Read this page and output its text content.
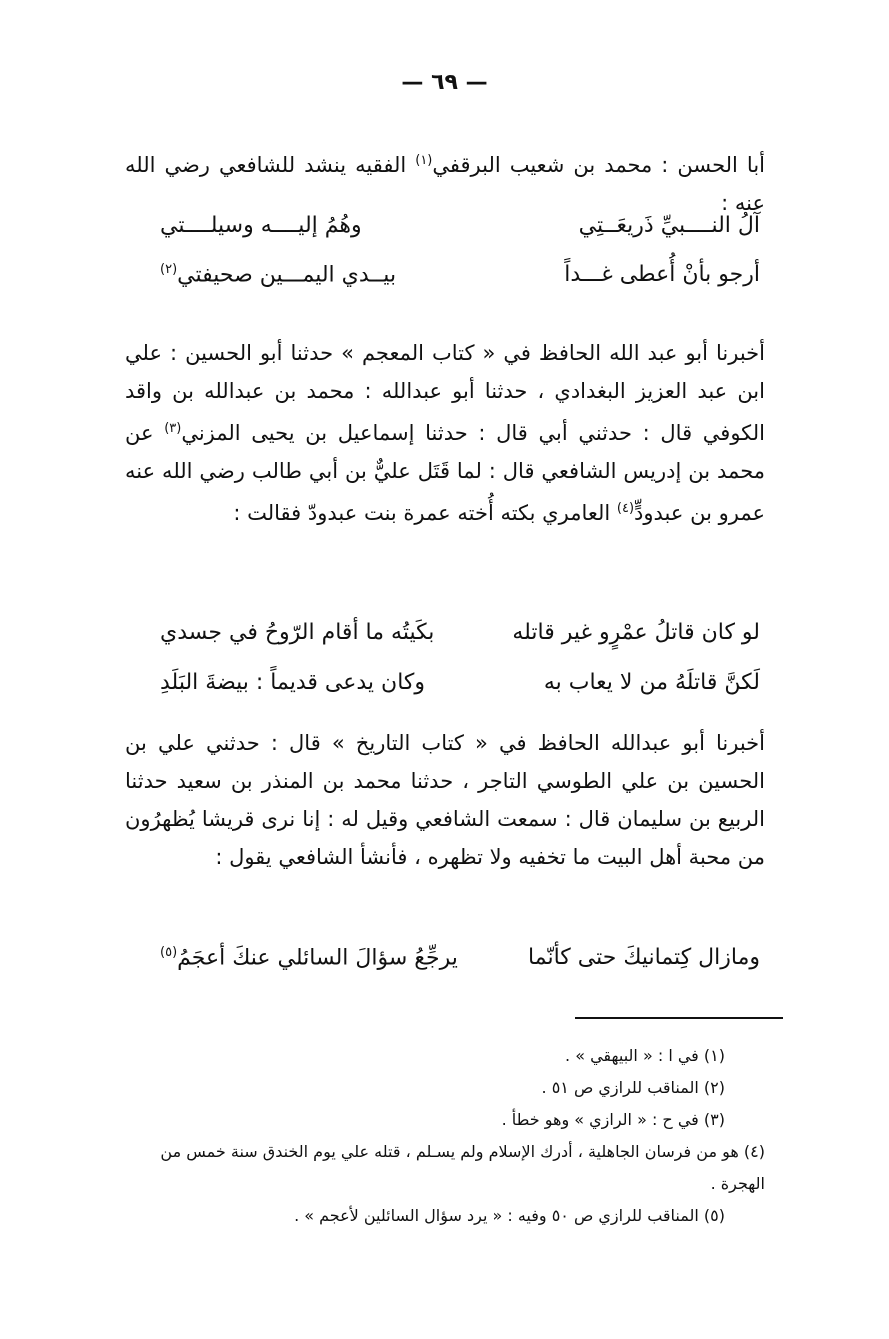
— ٦٩ —

أبا الحسن : محمد بن شعيب البرقفي$^{(١)}$ الفقيه ينشد للشافعي رضي الله عنه :

آلُ النــــبيِّ ذَريعَــتِي
وهُمُ إليــــه وسيلــــتي
أرجو بأنْ أُعطى غـــداً
بيــدي اليمـــين صحيفتي$^{(٢)}$

أخبرنا أبو عبد الله الحافظ في « كتاب المعجم » حدثنا أبو الحسين : علي ابن عبد العزيز البغدادي ، حدثنا أبو عبدالله : محمد بن عبدالله بن واقد الكوفي قال : حدثني أبي قال : حدثنا إسماعيل بن يحيى المزني$^{(٣)}$ عن محمد بن إدريس الشافعي قال : لما قَتَل عليٌّ بن أبي طالب رضي الله عنه عمرو بن عبدودٍّ$^{(٤)}$ العامري بكته أُخته عمرة بنت عبدودّ فقالت :

لو كان قاتلُ عمْرٍو غير قاتله
بكَيتُه ما أقام الرّوحُ في جسدي
لَكنَّ قاتلَهُ من لا يعاب به
وكان يدعى قديماً : بيضةَ البَلَدِ

أخبرنا أبو عبدالله الحافظ في « كتاب التاريخ » قال : حدثني علي بن الحسين بن علي الطوسي التاجر ، حدثنا محمد بن المنذر بن سعيد حدثنا الربيع بن سليمان قال : سمعت الشافعي وقيل له : إنا نرى قريشا يُظهرُون من محبة أهل البيت ما تخفيه ولا تظهره ، فأنشأ الشافعي يقول :

ومازال كِتمانيكَ حتى كأنّما
يرجِّعُ سؤالَ السائلي عنكَ أعجَمُ$^{(٥)}$
(١) في ا : « البيهقي » .
(٢) المناقب للرازي ص ٥١ .
(٣) في ح : « الرازي » وهو خطأ .
(٤) هو من فرسان الجاهلية ، أدرك الإسلام ولم يسـلم ، قتله علي يوم الخندق سنة خمس من الهجرة .
(٥) المناقب للرازي ص ٥٠ وفيه : « يرد سؤال السائلين لأعجم » .
